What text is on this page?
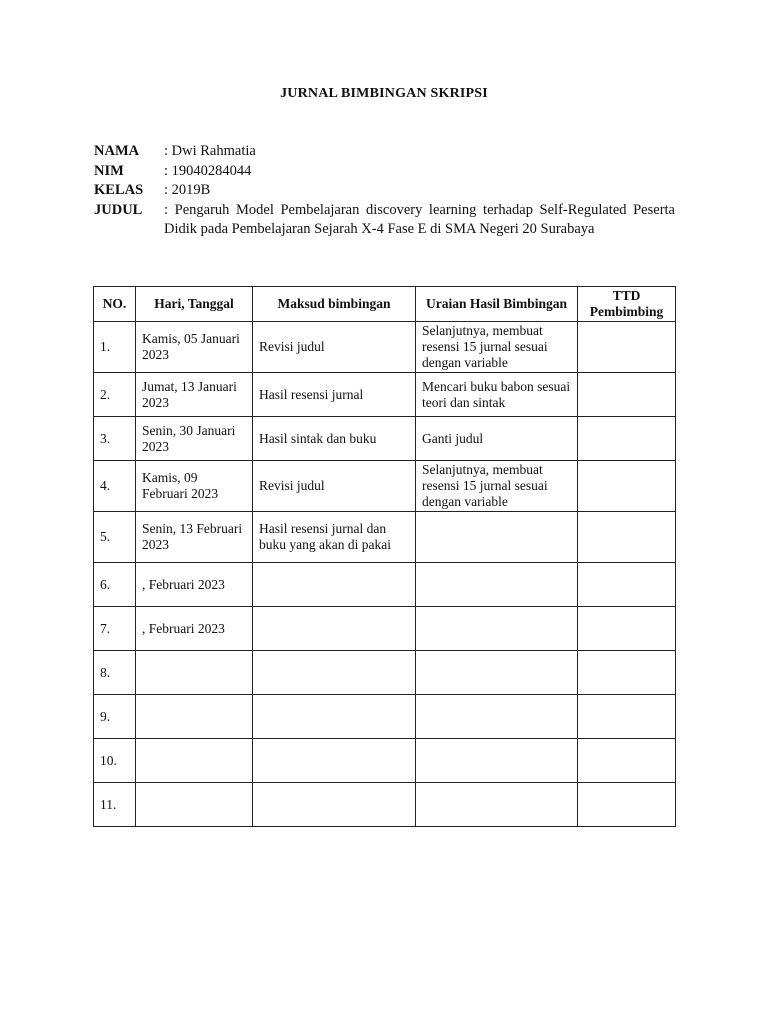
JURNAL BIMBINGAN SKRIPSI
NAMA	: Dwi Rahmatia
NIM	: 19040284044
KELAS	: 2019B
JUDUL	: Pengaruh Model Pembelajaran discovery learning terhadap Self-Regulated Peserta Didik pada Pembelajaran Sejarah X-4 Fase E di SMA Negeri 20 Surabaya
NO.	Hari, Tanggal	Maksud bimbingan	Uraian Hasil Bimbingan	TTD Pembimbing
1.	Kamis, 05 Januari 2023	Revisi judul	Selanjutnya, membuat resensi 15 jurnal sesuai dengan variable	
2.	Jumat, 13 Januari 2023	Hasil resensi jurnal	Mencari buku babon sesuai teori dan sintak	
3.	Senin, 30 Januari 2023	Hasil sintak dan buku	Ganti judul	
4.	Kamis, 09 Februari 2023	Revisi judul	Selanjutnya, membuat resensi 15 jurnal sesuai dengan variable	
5.	Senin, 13 Februari 2023	Hasil resensi jurnal dan buku yang akan di pakai		
6.	, Februari 2023			
7.	, Februari 2023			
8.				
9.				
10.				
11.				
